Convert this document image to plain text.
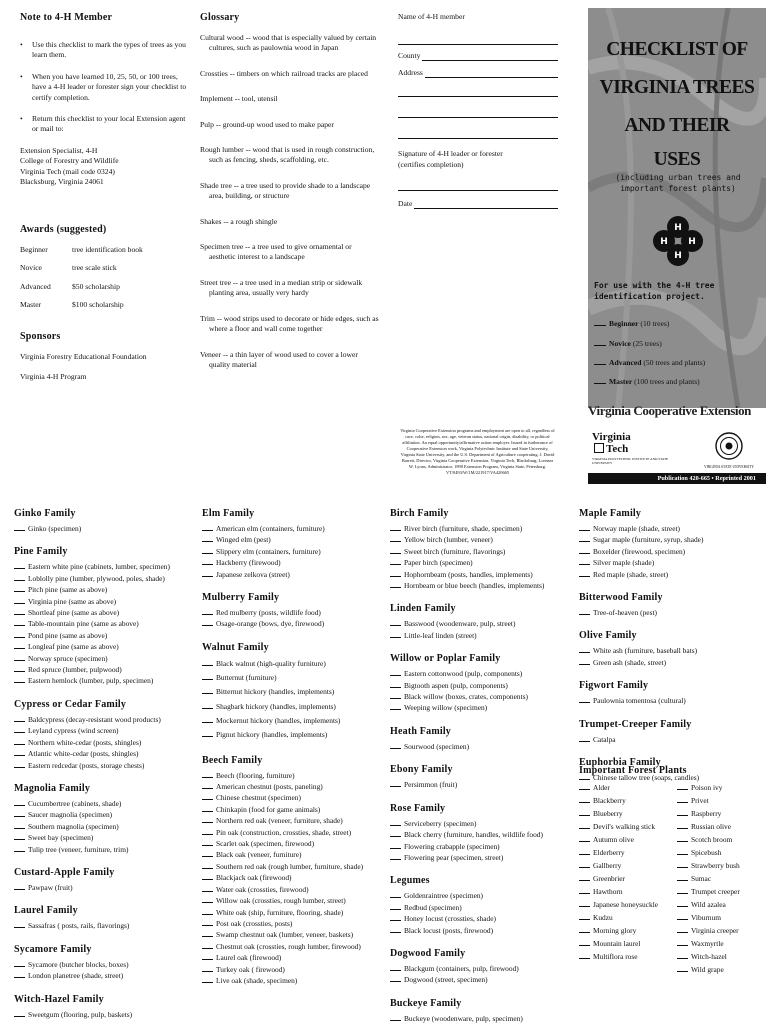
Note to 4-H Member
•	Use this checklist to mark the types of trees as you learn them.
•	When you have learned 10, 25, 50, or 100 trees, have a 4-H leader or forester sign your checklist to certify completion.
•	Return this checklist to your local Extension agent or mail to:
Extension Specialist, 4-H
College of Forestry and Wildlife
Virginia Tech (mail code 0324)
Blacksburg, Virginia 24061
Awards (suggested)
Beginner	tree identification book
Novice	tree scale stick
Advanced	$50 scholarship
Master	$100 scholarship
Sponsors
Virginia Forestry Educational Foundation
Virginia 4-H Program
Glossary

Cultural wood -- wood that is especially valued by certain cultures, such as paulownia wood in Japan

Crossties -- timbers on which railroad tracks are placed

Implement -- tool, utensil

Pulp -- ground-up wood used to make paper

Rough lumber -- wood that is used in rough construction, such as fencing, sheds, scaffolding, etc.

Shade tree -- a tree used to provide shade to a landscape area, building, or structure

Shakes -- a rough shingle

Specimen tree -- a tree used to give ornamental or aesthetic interest to a landscape

Street tree -- a tree used in a median strip or sidewalk planting area, usually very hardy

Trim -- wood strips used to decorate or hide edges, such as where a floor and wall come together

Veneer -- a thin layer of wood used to cover a lower quality material

Name of 4-H member
County
Address
Signature of 4-H leader or forester
(certifies completion)
Date
CHECKLIST OF
VIRGINIA TREES
AND THEIR
USES
(including urban trees and important forest plants)
H
H H
H
For use with the 4-H tree identification project.
Beginner (10 trees)
Novice (25 trees)
Advanced (50 trees and plants)
Master (100 trees and plants)
Virginia Cooperative Extension
Virginia Cooperative Extension programs and employment are open to all, regardless of race, color, religion, sex, age, veteran status, national origin, disability, or political affiliation. An equal opportunity/affirmative action employer. Issued in furtherance of Cooperative Extension work, Virginia Polytechnic Institute and State University, Virginia State University, and the U.S. Department of Agriculture cooperating. J. David Barrett, Director, Virginia Cooperative Extension, Virginia Tech, Blacksburg; Lorenza W. Lyons, Administrator, 1890 Extension Program, Virginia State, Petersburg.
VT/0493/W/1M/221917/VA420665
Virginia
Tech
VIRGINIA POLYTECHNIC INSTITUTE AND STATE UNIVERSITY
VIRGINIA STATE UNIVERSITY
Publication 420-665 • Reprinted 2001
Ginko Family
Ginko (specimen)
Pine Family
Eastern white pine (cabinets, lumber, specimen)
Loblolly pine (lumber, plywood, poles, shade)
Pitch pine (same as above)
Virginia pine (same as above)
Shortleaf pine (same as above)
Table-mountain pine (same as above)
Pond pine (same as above)
Longleaf pine (same as above)
Norway spruce (specimen)
Red spruce (lumber, pulpwood)
Eastern hemlock (lumber, pulp, specimen)
Cypress or Cedar Family
Baldcypress (decay-resistant wood products)
Leyland cypress (wind screen)
Northern white-cedar (posts, shingles)
Atlantic white-cedar (posts, shingles)
Eastern redcedar (posts, storage chests)
Magnolia Family
Cucumbertree (cabinets, shade)
Saucer magnolia (specimen)
Southern magnolia (specimen)
Sweet bay (specimen)
Tulip tree (veneer, furniture, trim)
Custard-Apple Family
Pawpaw (fruit)
Laurel Family
Sassafras ( posts, rails, flavorings)
Sycamore Family
Sycamore (butcher blocks, boxes)
London planetree (shade, street)
Witch-Hazel Family
Sweetgum (flooring, pulp, baskets)
Elm Family
American elm (containers, furniture)
Winged elm (pest)
Slippery elm (containers, furniture)
Hackberry (firewood)
Japanese zelkova (street)
Mulberry Family
Red mulberry (posts, wildlife food)
Osage-orange (bows, dye, firewood)
Walnut Family
Black walnut (high-quality furniture)
Butternut (furniture)
Bitternut hickory (handles, implements)
Shagbark hickory (handles, implements)
Mockernut hickory (handles, implements)
Pignut hickory (handles, implements)
Beech Family
Beech (flooring, furniture)
American chestnut (posts, paneling)
Chinese chestnut (specimen)
Chinkapin (food for game animals)
Northern red oak (veneer, furniture, shade)
Pin oak (construction, crossties, shade, street)
Scarlet oak (specimen, firewood)
Black oak (veneer, furniture)
Southern red oak (rough lumber, furniture, shade)
Blackjack oak (firewood)
Water oak (crossties, firewood)
Willow oak (crossties, rough lumber, street)
White oak (ship, furniture, flooring, shade)
Post oak (crossties, posts)
Swamp chestnut oak (lumber, veneer, baskets)
Chestnut oak (crossties, rough lumber, firewood)
Laurel oak (firewood)
Turkey oak ( firewood)
Live oak (shade, specimen)
Birch Family
River birch (furniture, shade, specimen)
Yellow birch (lumber, veneer)
Sweet birch (furniture, flavorings)
Paper birch (specimen)
Hophornbeam (posts, handles, implements)
Hornbeam or blue beech (handles, implements)
Linden Family
Basswood (woodenware, pulp, street)
Little-leaf linden (street)
Willow or Poplar Family
Eastern cottonwood (pulp, components)
Bigtooth aspen (pulp, components)
Black willow (boxes, crates, components)
Weeping willow (specimen)
Heath Family
Sourwood (specimen)
Ebony Family
Persimmon (fruit)
Rose Family
Serviceberry (specimen)
Black cherry (furniture, handles, wildlife food)
Flowering crabapple (specimen)
Flowering pear (specimen, street)
Legumes
Goldenraintree (specimen)
Redbud (specimen)
Honey locust (crossties, shade)
Black locust (posts, firewood)
Dogwood Family
Blackgum (containers, pulp, firewood)
Dogwood (street, specimen)
Buckeye Family
Buckeye (woodenware, pulp, specimen)
Maple Family
Norway maple (shade, street)
Sugar maple (furniture, syrup, shade)
Boxelder (firewood, specimen)
Silver maple (shade)
Red maple (shade, street)
Bitterwood Family
Tree-of-heaven (pest)
Olive Family
White ash (furniture, baseball bats)
Green ash (shade, street)
Figwort Family
Paulownia tomentosa (cultural)
Trumpet-Creeper Family
Catalpa
Euphorbia Family
Chinese tallow tree (soaps, candles)
Important Forest Plants
Alder
Blackberry
Blueberry
Devil's walking stick
Autumn olive
Elderberry
Gallberry
Greenbrier
Hawthorn
Japanese honeysuckle
Kudzu
Morning glory
Mountain laurel
Multiflora rose
Poison ivy
Privet
Raspberry
Russian olive
Scotch broom
Spicebush
Strawberry bush
Sumac
Trumpet creeper
Wild azalea
Viburnum
Virginia creeper
Waxmyrtle
Witch-hazel
Wild grape
